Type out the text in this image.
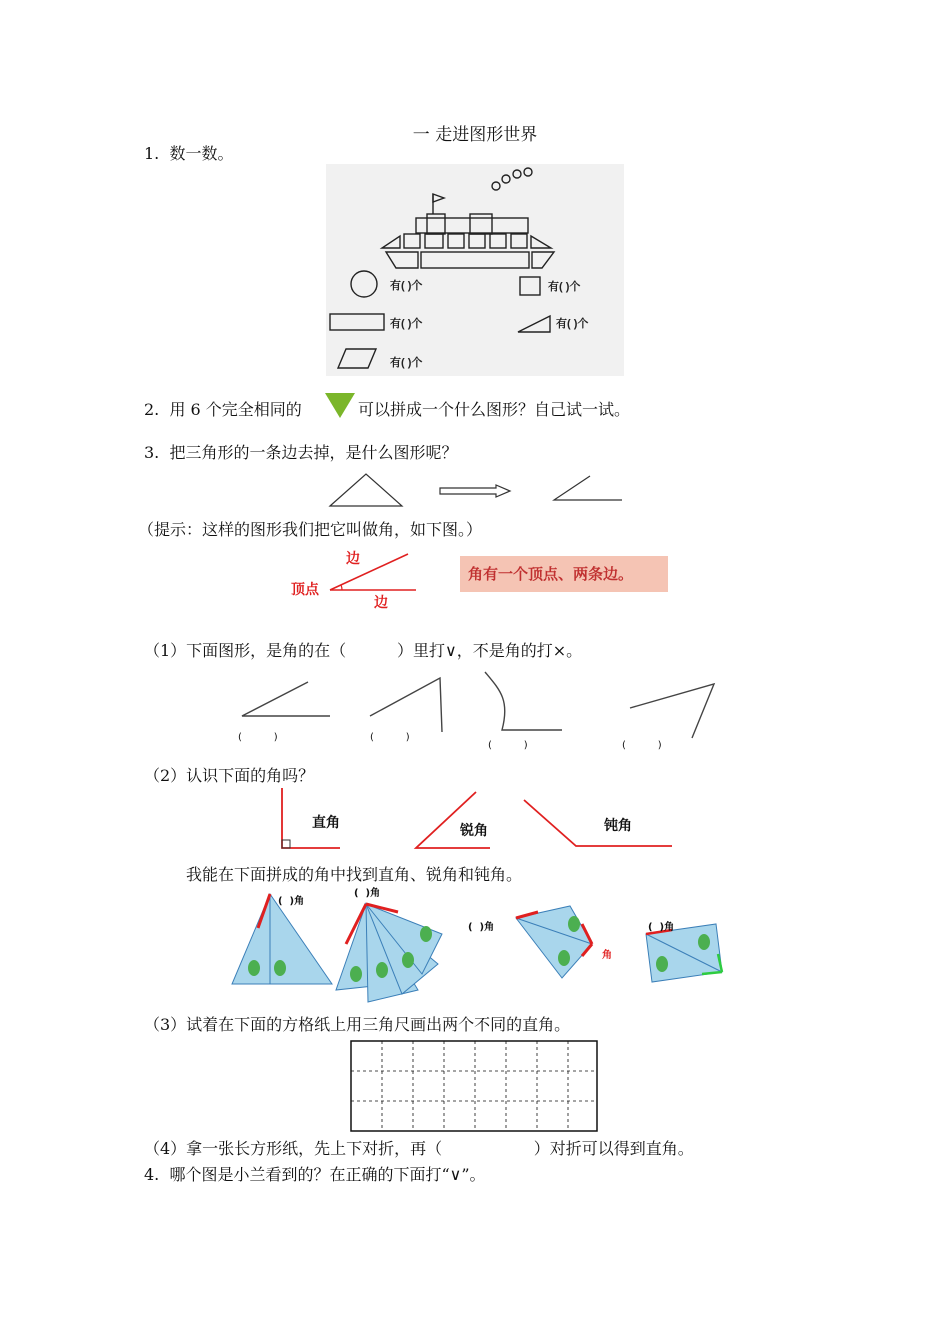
一 走进图形世界
1.  数一数。
有( )个	有( )个
有( )个	有( )个
有( )个
2.  用 6 个完全相同的	可以拼成一个什么图形？自己试一试。
3.  把三角形的一条边去掉，是什么图形呢？
（提示：这样的图形我们把它叫做角，如下图。）
边
顶点
边
角有一个顶点、两条边。
（1）下面图形，是角的在（          ）里打∨，不是角的打×。
(          )	(          )
(          )	(          )
（2）认识下面的角吗？
直角	锐角	钝角
我能在下面拼成的角中找到直角、锐角和钝角。
(  )角
(  )角
(  )角
角
(  )角
（3）试着在下面的方格纸上用三角尺画出两个不同的直角。
（4）拿一张长方形纸，先上下对折，再（                  ）对折可以得到直角。
4.  哪个图是小兰看到的？在正确的下面打“∨”。
